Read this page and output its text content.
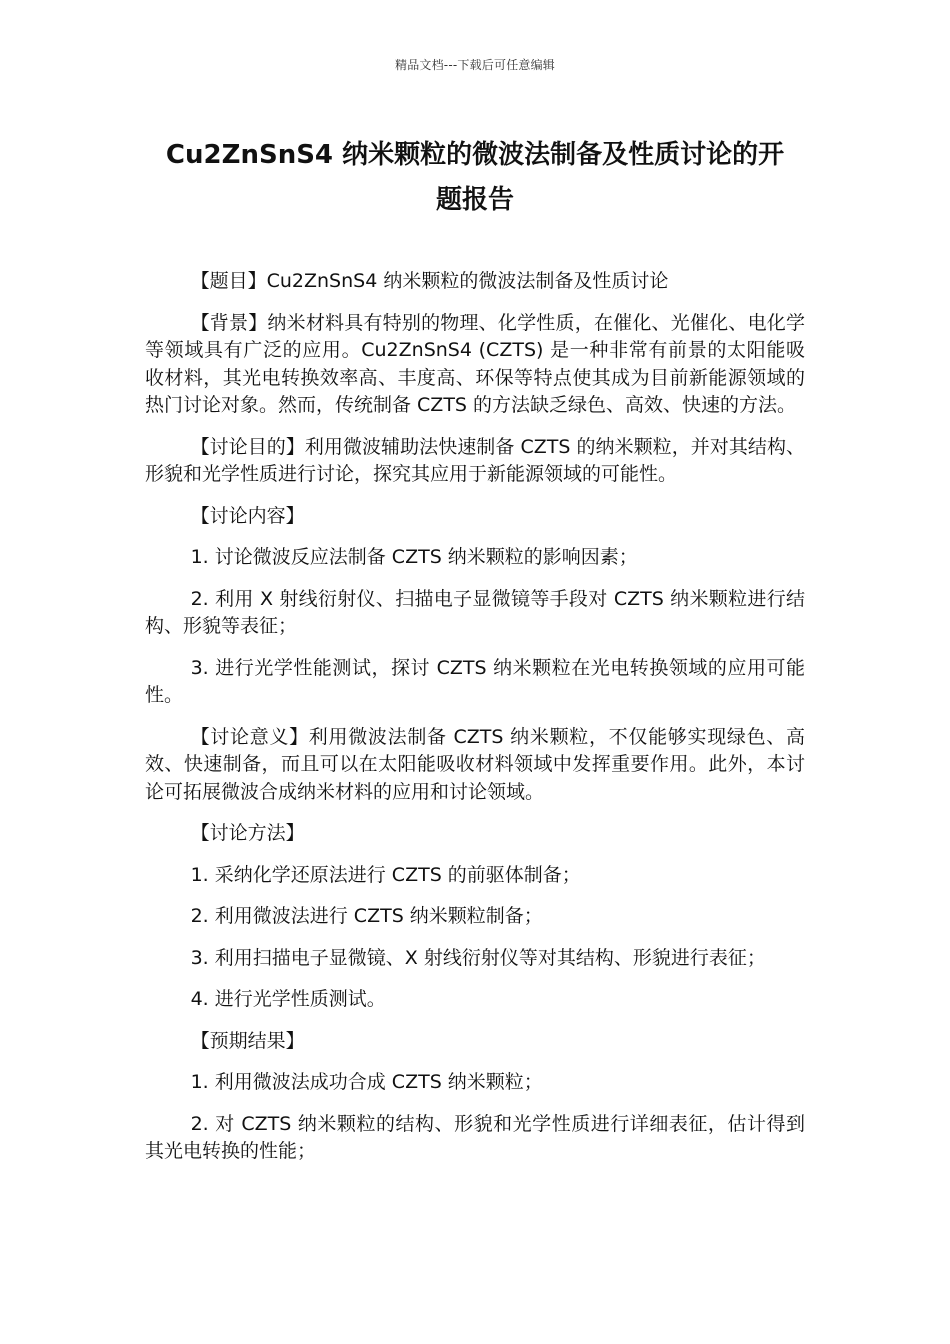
精品文档---下载后可任意编辑
Cu2ZnSnS4 纳米颗粒的微波法制备及性质讨论的开
题报告

【题目】Cu2ZnSnS4 纳米颗粒的微波法制备及性质讨论

【背景】纳米材料具有特别的物理、化学性质，在催化、光催化、电化学等领域具有广泛的应用。Cu2ZnSnS4 (CZTS) 是一种非常有前景的太阳能吸收材料，其光电转换效率高、丰度高、环保等特点使其成为目前新能源领域的热门讨论对象。然而，传统制备 CZTS 的方法缺乏绿色、高效、快速的方法。

【讨论目的】利用微波辅助法快速制备 CZTS 的纳米颗粒，并对其结构、形貌和光学性质进行讨论，探究其应用于新能源领域的可能性。

【讨论内容】

1. 讨论微波反应法制备 CZTS 纳米颗粒的影响因素；

2. 利用 X 射线衍射仪、扫描电子显微镜等手段对 CZTS 纳米颗粒进行结构、形貌等表征；

3. 进行光学性能测试，探讨 CZTS 纳米颗粒在光电转换领域的应用可能性。

【讨论意义】利用微波法制备 CZTS 纳米颗粒，不仅能够实现绿色、高效、快速制备，而且可以在太阳能吸收材料领域中发挥重要作用。此外，本讨论可拓展微波合成纳米材料的应用和讨论领域。

【讨论方法】

1. 采纳化学还原法进行 CZTS 的前驱体制备；

2. 利用微波法进行 CZTS 纳米颗粒制备；

3. 利用扫描电子显微镜、X 射线衍射仪等对其结构、形貌进行表征；

4. 进行光学性质测试。

【预期结果】

1. 利用微波法成功合成 CZTS 纳米颗粒；

2. 对 CZTS 纳米颗粒的结构、形貌和光学性质进行详细表征，估计得到其光电转换的性能；
